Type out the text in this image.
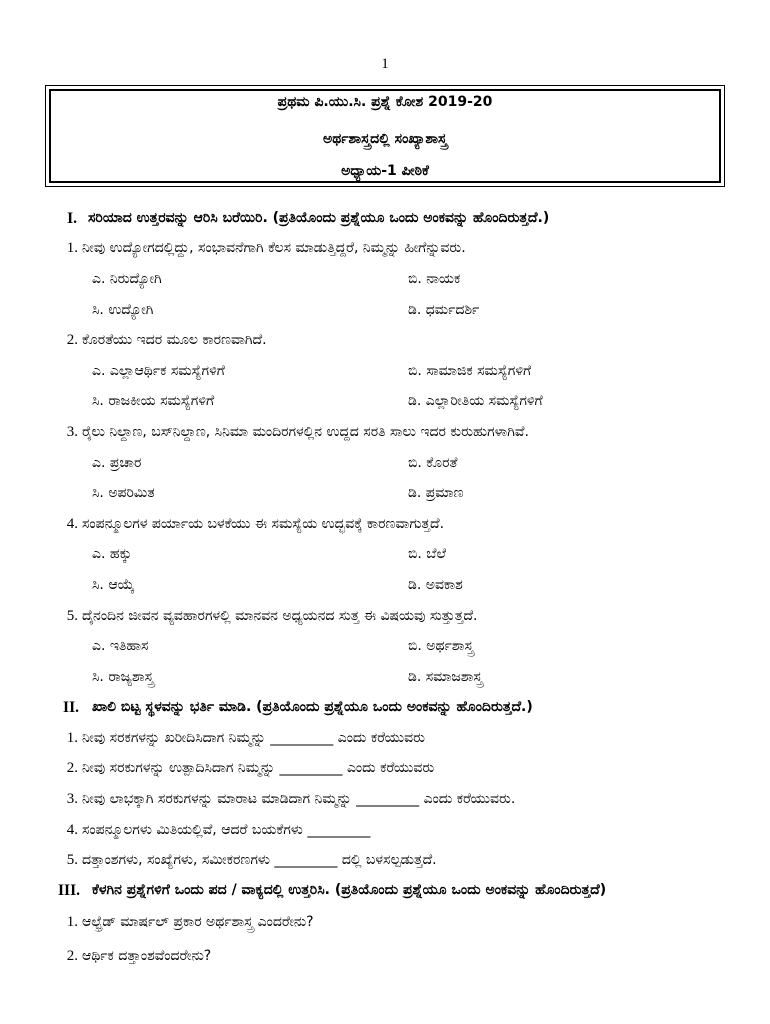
1
ಪ್ರಥಮ ಪಿ.ಯು.ಸಿ. ಪ್ರಶ್ನೆ ಕೋಶ 2019-20
ಅರ್ಥಶಾಸ್ತ್ರದಲ್ಲಿ ಸಂಖ್ಯಾಶಾಸ್ತ್ರ
ಅಧ್ಯಾಯ-1 ಪೀಠಿಕೆ
I. ಸರಿಯಾದ ಉತ್ತರವನ್ನು ಆರಿಸಿ ಬರೆಯಿರಿ. (ಪ್ರತಿಯೊಂದು ಪ್ರಶ್ನೆಯೂ ಒಂದು ಅಂಕವನ್ನು ಹೊಂದಿರುತ್ತದೆ.)
1. ನೀವು ಉದ್ಯೋಗದಲ್ಲಿದ್ದು, ಸಂಭಾವನೆಗಾಗಿ ಕೆಲಸ ಮಾಡುತ್ತಿದ್ದರೆ, ನಿಮ್ಮನ್ನು ಹೀಗೆನ್ನುವರು.
ಎ. ನಿರುದ್ಯೋಗಿ	ಬಿ. ನಾಯಕ
ಸಿ. ಉದ್ಯೋಗಿ	ಡಿ. ಧರ್ಮದರ್ಶಿ
2. ಕೊರತೆಯು ಇದರ ಮೂಲ ಕಾರಣವಾಗಿದೆ.
ಎ. ಎಲ್ಲಾಆರ್ಥಿಕ ಸಮಸ್ಯೆಗಳಿಗೆ	ಬಿ. ಸಾಮಾಜಿಕ ಸಮಸ್ಯೆಗಳಿಗೆ
ಸಿ. ರಾಜಕೀಯ ಸಮಸ್ಯೆಗಳಿಗೆ	ಡಿ. ಎಲ್ಲಾರೀತಿಯ ಸಮಸ್ಯೆಗಳಿಗೆ
3. ರೈಲು ನಿಲ್ದಾಣ, ಬಸ್‌ನಿಲ್ದಾಣ, ಸಿನಿಮಾ ಮಂದಿರಗಳಲ್ಲಿನ ಉದ್ದದ ಸರತಿ ಸಾಲು ಇದರ ಕುರುಹುಗಳಾಗಿವೆ.
ಎ. ಪ್ರಚಾರ	ಬಿ. ಕೊರತೆ
ಸಿ. ಅಪರಿಮಿತ	ಡಿ. ಪ್ರಮಾಣ
4. ಸಂಪನ್ಮೂಲಗಳ ಪರ್ಯಾಯ ಬಳಕೆಯು ಈ ಸಮಸ್ಯೆಯ ಉದ್ಭವಕ್ಕೆ ಕಾರಣವಾಗುತ್ತದೆ.
ಎ. ಹಕ್ಕು	ಬಿ. ಬೆಲೆ
ಸಿ. ಆಯ್ಕೆ	ಡಿ. ಅವಕಾಶ
5. ದೈನಂದಿನ ಜೀವನ ವ್ಯವಹಾರಗಳಲ್ಲಿ ಮಾನವನ ಅಧ್ಯಯನದ ಸುತ್ತ ಈ ವಿಷಯವು ಸುತ್ತುತ್ತದೆ.
ಎ. ಇತಿಹಾಸ	ಬಿ. ಅರ್ಥಶಾಸ್ತ್ರ
ಸಿ. ರಾಜ್ಯಶಾಸ್ತ್ರ	ಡಿ. ಸಮಾಜಶಾಸ್ತ್ರ
II. ಖಾಲಿ ಬಿಟ್ಟ ಸ್ಥಳವನ್ನು ಭರ್ತಿ ಮಾಡಿ. (ಪ್ರತಿಯೊಂದು ಪ್ರಶ್ನೆಯೂ ಒಂದು ಅಂಕವನ್ನು ಹೊಂದಿರುತ್ತದೆ.)
1. ನೀವು ಸರಕಗಳನ್ನು ಖರೀದಿಸಿದಾಗ ನಿಮ್ಮನ್ನು _________ ಎಂದು ಕರೆಯುವರು
2. ನೀವು ಸರಕುಗಳನ್ನು ಉತ್ಪಾದಿಸಿದಾಗ ನಿಮ್ಮನ್ನು _________ ಎಂದು ಕರೆಯುವರು
3. ನೀವು ಲಾಭಕ್ಕಾಗಿ ಸರಕುಗಳನ್ನು ಮಾರಾಟ ಮಾಡಿದಾಗ ನಿಮ್ಮನ್ನು _________ ಎಂದು ಕರೆಯುವರು.
4. ಸಂಪನ್ಮೂಲಗಳು ಮಿತಿಯಲ್ಲಿವೆ, ಆದರೆ ಬಯಕೆಗಳು _________
5. ದತ್ತಾಂಶಗಳು, ಸಂಖ್ಯೆಗಳು, ಸಮೀಕರಣಗಳು _________ ದಲ್ಲಿ ಬಳಸಲ್ಪಡುತ್ತದೆ.
III. ಕೆಳಗಿನ ಪ್ರಶ್ನೆಗಳಿಗೆ ಒಂದು ಪದ / ವಾಕ್ಯದಲ್ಲಿ ಉತ್ತರಿಸಿ. (ಪ್ರತಿಯೊಂದು ಪ್ರಶ್ನೆಯೂ ಒಂದು ಅಂಕವನ್ನು ಹೊಂದಿರುತ್ತದೆ)
1. ಆಲ್ಫ್ರೆಡ್ ಮಾರ್ಷಲ್ ಪ್ರಕಾರ ಅರ್ಥಶಾಸ್ತ್ರ ಎಂದರೇನು?
2. ಆರ್ಥಿಕ ದತ್ತಾಂಶವೆಂದರೇನು?
